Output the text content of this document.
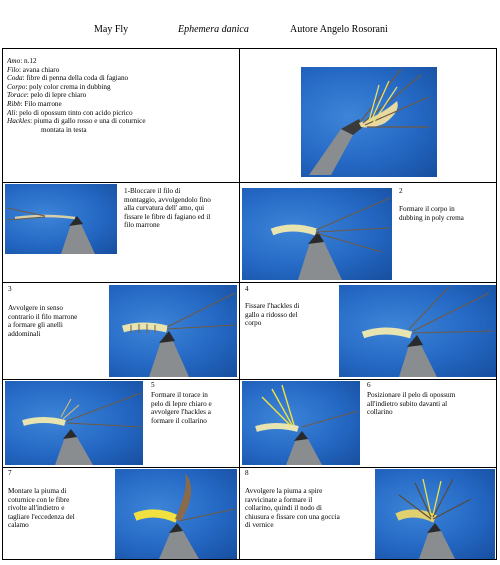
May Fly	Ephemera danica	Autore Angelo Rosorani
Amo: n.12
Filo: avana chiaro
Coda: fibre di penna della coda di fagiano
Corpo: poly color crema in dubbing
Torace: pelo di lepre chiaro
Ribb: Filo marrone
Ali: pelo di opossum tinto con acido picrico
Hackles: piuma di gallo rosso e una di coturnice
montata in testa
1-Bloccare il filo di
montaggio, avvolgendolo fino
alla curvatura dell' amo, qui
fissare le fibre di fagiano ed il
filo marrone
2
Formare il corpo in
dubbing in poly crema
3
Avvolgere in senso
contrario il filo marrone
a formare gli anelli
addominali
4
Fissare l'hackles di
gallo a ridosso del
corpo
5
Formare il torace in
pelo di lepre chiaro e
avvolgere l'hackles a
formare il collarino
6
Posizionare il pelo di opossum
all'indietro subito davanti al
collarino
7
Montare la piuma di
coturnice con le fibre
rivolte all'indietro e
tagliare l'eccedenza del
calamo
8
Avvolgere la piuma a spire
ravvicinate a formare il
collarino, quindi il nodo di
chiusura e fissare con una goccia
di vernice
